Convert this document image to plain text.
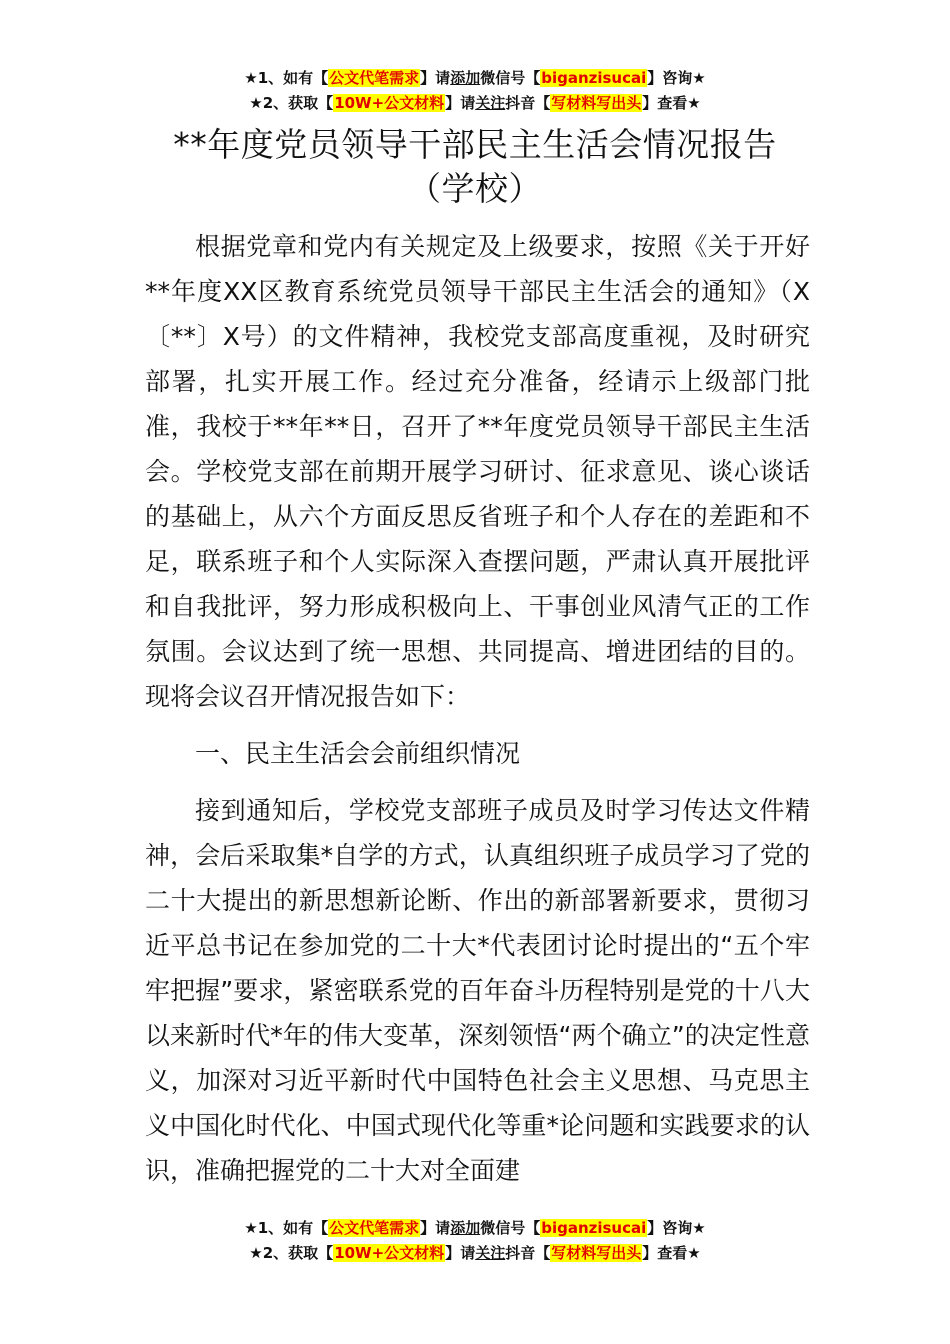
★1、如有【公文代笔需求】请添加微信号【biganzisucai】咨询★
★2、获取【10W+公文材料】请关注抖音【写材料写出头】查看★
**年度党员领导干部民主生活会情况报告
（学校）

根据党章和党内有关规定及上级要求，按照《关于开好**年度XX区教育系统党员领导干部民主生活会的通知》（X〔**〕X号）的文件精神，我校党支部高度重视，及时研究部署，扎实开展工作。经过充分准备，经请示上级部门批准，我校于**年**日，召开了**年度党员领导干部民主生活会。学校党支部在前期开展学习研讨、征求意见、谈心谈话的基础上，从六个方面反思反省班子和个人存在的差距和不足，联系班子和个人实际深入查摆问题，严肃认真开展批评和自我批评，努力形成积极向上、干事创业风清气正的工作氛围。会议达到了统一思想、共同提高、增进团结的目的。现将会议召开情况报告如下：

一、民主生活会会前组织情况

接到通知后，学校党支部班子成员及时学习传达文件精神，会后采取集*自学的方式，认真组织班子成员学习了党的二十大提出的新思想新论断、作出的新部署新要求，贯彻习近平总书记在参加党的二十大*代表团讨论时提出的“五个牢牢把握”要求，紧密联系党的百年奋斗历程特别是党的十八大以来新时代*年的伟大变革，深刻领悟“两个确立”的决定性意义，加深对习近平新时代中国特色社会主义思想、马克思主义中国化时代化、中国式现代化等重*论问题和实践要求的认识，准确把握党的二十大对全面建

★1、如有【公文代笔需求】请添加微信号【biganzisucai】咨询★
★2、获取【10W+公文材料】请关注抖音【写材料写出头】查看★
